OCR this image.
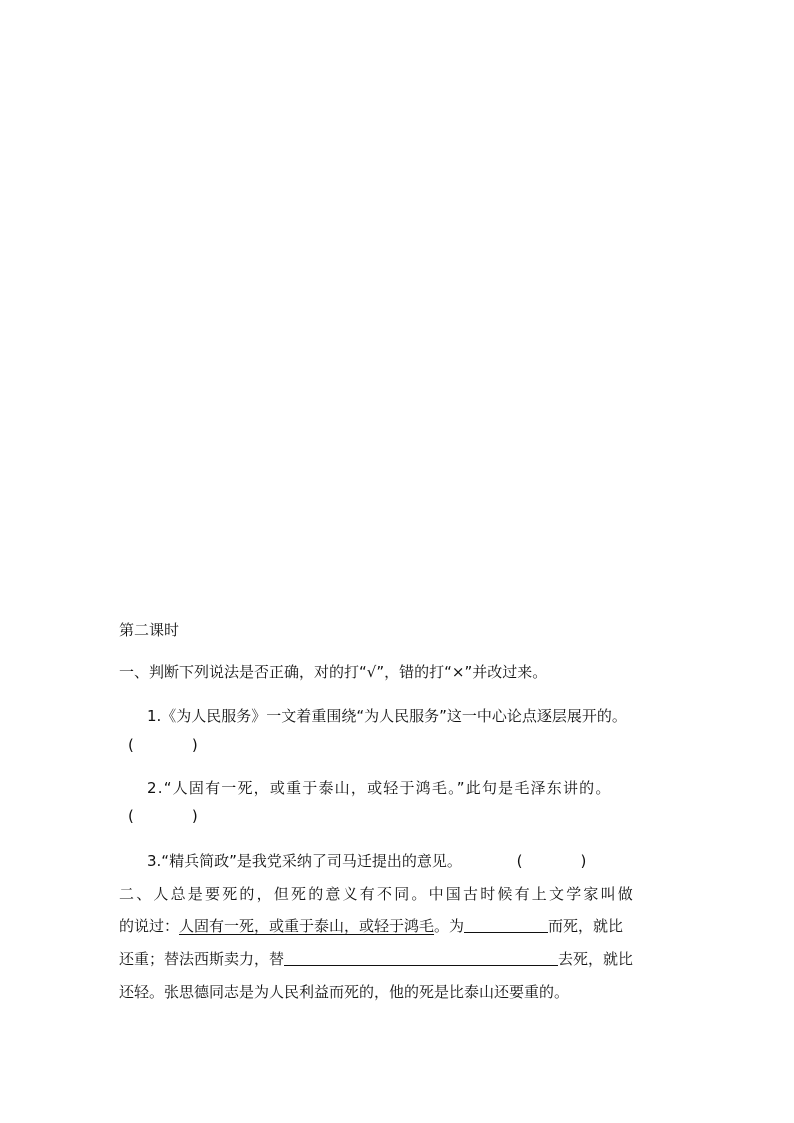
第二课时
一、判断下列说法是否正确，对的打“√”，错的打“×”并改过来。
1.《为人民服务》一文着重围绕“为人民服务”这一中心论点逐层展开的。
(	)
2.“人固有一死，或重于泰山，或轻于鸿毛。”此句是毛泽东讲的。
(	)
3.“精兵简政”是我党采纳了司马迁提出的意见。	(	)
二、人总是要死的，但死的意义有不同。中国古时候有上文学家叫做
的说过：人固有一死，或重于泰山，或轻于鸿毛。为	而死，就比
还重；替法西斯卖力，替	去死，就比
还轻。张思德同志是为人民利益而死的，他的死是比泰山还要重的。
